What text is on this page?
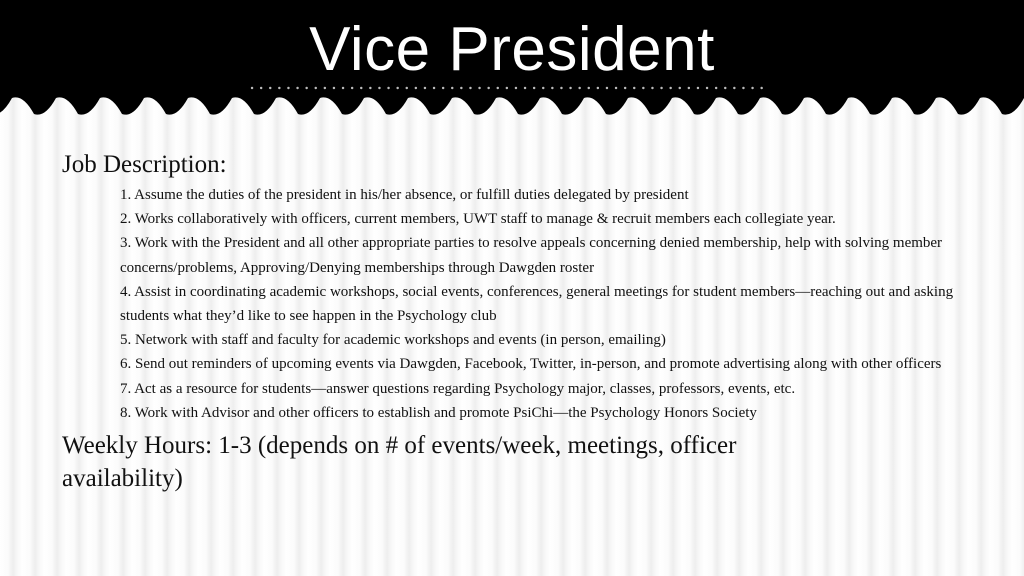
Vice President
Job Description:
1. Assume the duties of the president in his/her absence, or fulfill duties delegated by president
2. Works collaboratively with officers, current members, UWT staff to manage & recruit members each collegiate year.
3. Work with the President and all other appropriate parties to resolve appeals concerning denied membership, help with solving member concerns/problems, Approving/Denying memberships through Dawgden roster
4. Assist in coordinating academic workshops, social events, conferences, general meetings for student members—reaching out and asking students what they’d like to see happen in the Psychology club
5. Network with staff and faculty for academic workshops and events (in person, emailing)
6. Send out reminders of upcoming events via Dawgden, Facebook, Twitter, in-person, and promote advertising along with other officers
7. Act as a resource for students—answer questions regarding Psychology major, classes, professors, events, etc.
8. Work with Advisor and other officers to establish and promote PsiChi—the Psychology Honors Society
Weekly Hours: 1-3 (depends on # of events/week, meetings, officer availability)
